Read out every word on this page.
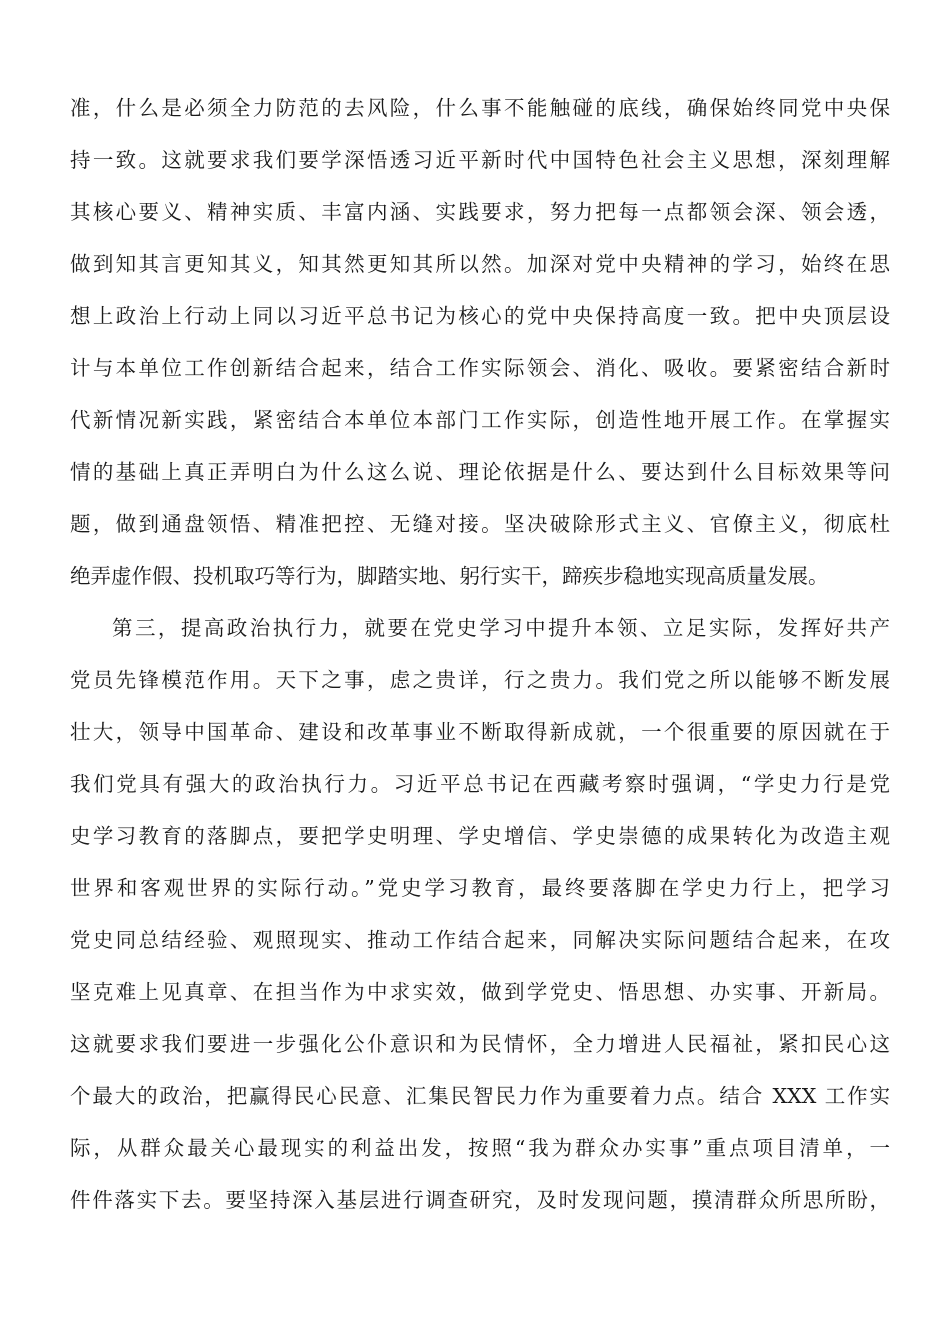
准，什么是必须全力防范的去风险，什么事不能触碰的底线，确保始终同党中央保
持一致。这就要求我们要学深悟透习近平新时代中国特色社会主义思想，深刻理解
其核心要义、精神实质、丰富内涵、实践要求，努力把每一点都领会深、领会透，
做到知其言更知其义，知其然更知其所以然。加深对党中央精神的学习，始终在思
想上政治上行动上同以习近平总书记为核心的党中央保持高度一致。把中央顶层设
计与本单位工作创新结合起来，结合工作实际领会、消化、吸收。要紧密结合新时
代新情况新实践，紧密结合本单位本部门工作实际，创造性地开展工作。在掌握实
情的基础上真正弄明白为什么这么说、理论依据是什么、要达到什么目标效果等问
题，做到通盘领悟、精准把控、无缝对接。坚决破除形式主义、官僚主义，彻底杜
绝弄虚作假、投机取巧等行为，脚踏实地、躬行实干，蹄疾步稳地实现高质量发展。
第三，提高政治执行力，就要在党史学习中提升本领、立足实际，发挥好共产
党员先锋模范作用。天下之事，虑之贵详，行之贵力。我们党之所以能够不断发展
壮大，领导中国革命、建设和改革事业不断取得新成就，一个很重要的原因就在于
我们党具有强大的政治执行力。习近平总书记在西藏考察时强调，“学史力行是党
史学习教育的落脚点，要把学史明理、学史增信、学史崇德的成果转化为改造主观
世界和客观世界的实际行动。”党史学习教育，最终要落脚在学史力行上，把学习
党史同总结经验、观照现实、推动工作结合起来，同解决实际问题结合起来，在攻
坚克难上见真章、在担当作为中求实效，做到学党史、悟思想、办实事、开新局。
这就要求我们要进一步强化公仆意识和为民情怀，全力增进人民福祉，紧扣民心这
个最大的政治，把赢得民心民意、汇集民智民力作为重要着力点。结合 XXX 工作实
际，从群众最关心最现实的利益出发，按照“我为群众办实事”重点项目清单，一
件件落实下去。要坚持深入基层进行调查研究，及时发现问题，摸清群众所思所盼，
